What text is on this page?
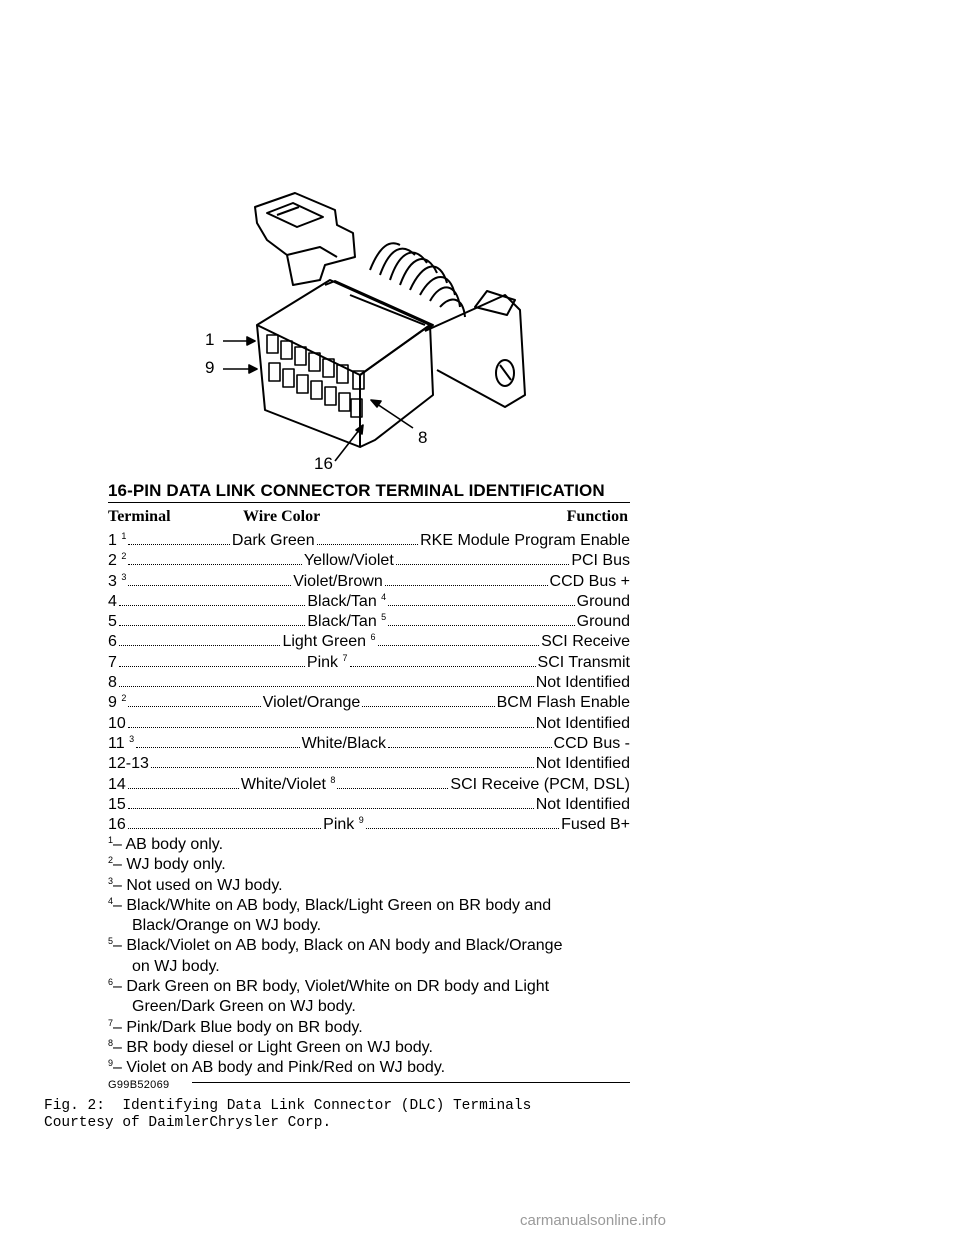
1
9
8
16
16-PIN DATA LINK CONNECTOR TERMINAL IDENTIFICATION
Terminal	Wire Color	Function
1 $^1$	Dark Green	RKE Module Program Enable
2 $^2$	Yellow/Violet	PCI Bus
3 $^3$	Violet/Brown	CCD Bus +
4	Black/Tan $^4$	Ground
5	Black/Tan $^5$	Ground
6	Light Green $^6$	SCI Receive
7	Pink $^7$	SCI Transmit
8	Not Identified
9 $^2$	Violet/Orange	BCM Flash Enable
10	Not Identified
11 $^3$	White/Black	CCD Bus -
12-13	Not Identified
14	White/Violet $^8$	SCI Receive (PCM, DSL)
15	Not Identified
16	Pink $^9$	Fused B+
$^1$– AB body only.
$^2$– WJ body only.
$^3$– Not used on WJ body.
$^4$– Black/White on AB body, Black/Light Green on BR body and
Black/Orange on WJ body.
$^5$– Black/Violet on AB body, Black on AN body and Black/Orange
on WJ body.
$^6$– Dark Green on BR body, Violet/White on DR body and Light
Green/Dark Green on WJ body.
$^7$– Pink/Dark Blue body on BR body.
$^8$– BR body diesel or Light Green on WJ body.
$^9$– Violet on AB body and Pink/Red on WJ body.
G99B52069
Fig. 2:  Identifying Data Link Connector (DLC) Terminals
Courtesy of DaimlerChrysler Corp.
carmanualsonline.info
